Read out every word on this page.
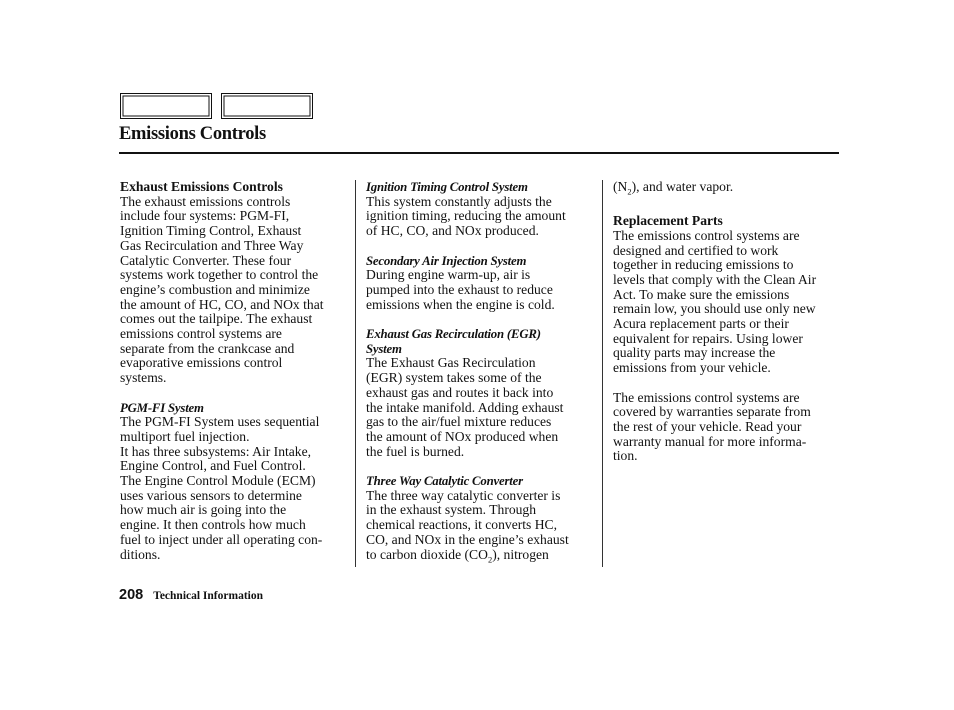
Emissions Controls
Exhaust Emissions Controls
The exhaust emissions controls
include four systems: PGM-FI,
Ignition Timing Control, Exhaust
Gas Recirculation and Three Way
Catalytic Converter. These four
systems work together to control the
engine’s combustion and minimize
the amount of HC, CO, and NOx that
comes out the tailpipe. The exhaust
emissions control systems are
separate from the crankcase and
evaporative emissions control
systems.
PGM-FI System
The PGM-FI System uses sequential
multiport fuel injection.
It has three subsystems: Air Intake,
Engine Control, and Fuel Control.
The Engine Control Module (ECM)
uses various sensors to determine
how much air is going into the
engine. It then controls how much
fuel to inject under all operating con-
ditions.
Ignition Timing Control System
This system constantly adjusts the
ignition timing, reducing the amount
of HC, CO, and NOx produced.
Secondary Air Injection System
During engine warm-up, air is
pumped into the exhaust to reduce
emissions when the engine is cold.
Exhaust Gas Recirculation (EGR)
System
The Exhaust Gas Recirculation
(EGR) system takes some of the
exhaust gas and routes it back into
the intake manifold. Adding exhaust
gas to the air/fuel mixture reduces
the amount of NOx produced when
the fuel is burned.
Three Way Catalytic Converter
The three way catalytic converter is
in the exhaust system. Through
chemical reactions, it converts HC,
CO, and NOx in the engine’s exhaust
to carbon dioxide $(CO_2)$, nitrogen
$(N_2)$, and water vapor.
Replacement Parts
The emissions control systems are
designed and certified to work
together in reducing emissions to
levels that comply with the Clean Air
Act. To make sure the emissions
remain low, you should use only new
Acura replacement parts or their
equivalent for repairs. Using lower
quality parts may increase the
emissions from your vehicle.
The emissions control systems are
covered by warranties separate from
the rest of your vehicle. Read your
warranty manual for more informa-
tion.
208 Technical Information
